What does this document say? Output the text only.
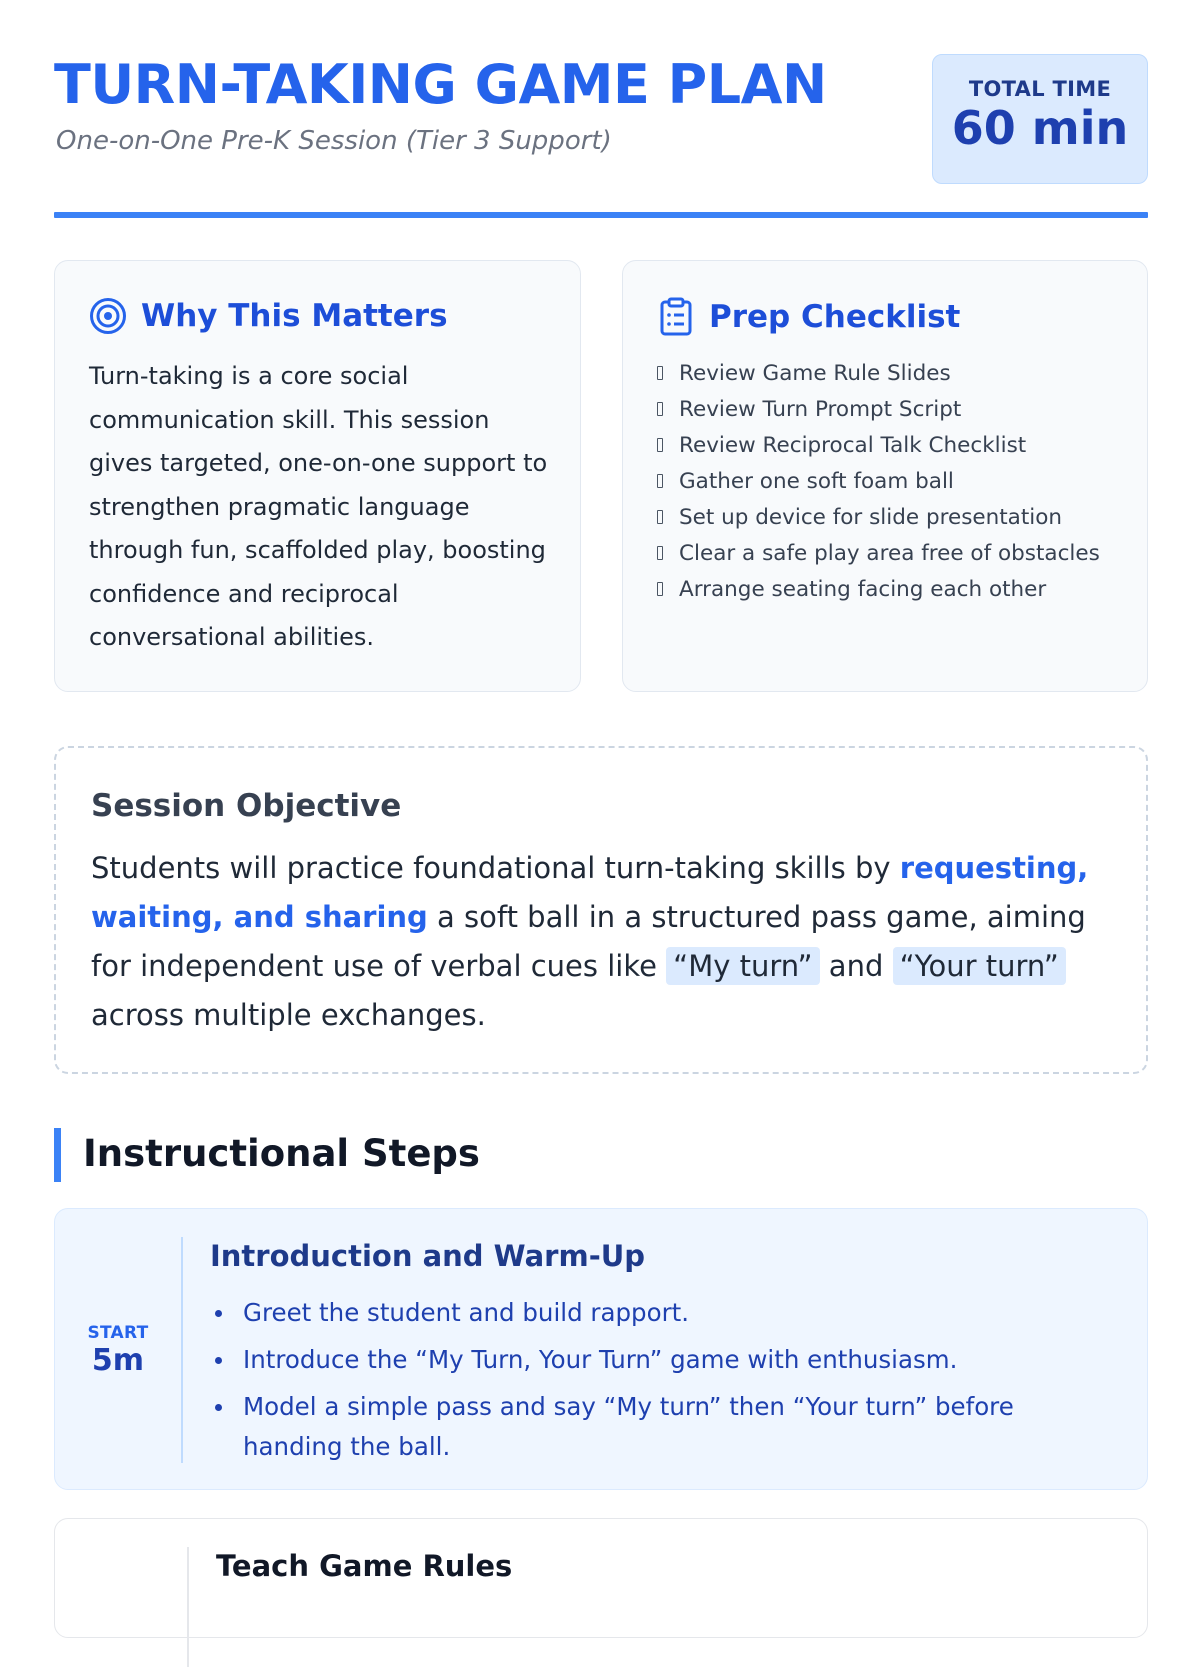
TURN-TAKING GAME PLAN
One-on-One Pre-K Session (Tier 3 Support)
TOTAL TIME
60 min
Why This Matters
Turn-taking is a core social communication skill. This session gives targeted, one-on-one support to strengthen pragmatic language through fun, scaffolded play, boosting confidence and reciprocal conversational abilities.
Prep Checklist
Review Game Rule Slides
Review Turn Prompt Script
Review Reciprocal Talk Checklist
Gather one soft foam ball
Set up device for slide presentation
Clear a safe play area free of obstacles
Arrange seating facing each other
Session Objective
Students will practice foundational turn-taking skills by requesting, waiting, and sharing a soft ball in a structured pass game, aiming for independent use of verbal cues like “My turn” and “Your turn” across multiple exchanges.
Instructional Steps
START
5m
Introduction and Warm-Up
Greet the student and build rapport.
Introduce the “My Turn, Your Turn” game with enthusiasm.
Model a simple pass and say “My turn” then “Your turn” before handing the ball.
Teach Game Rules
